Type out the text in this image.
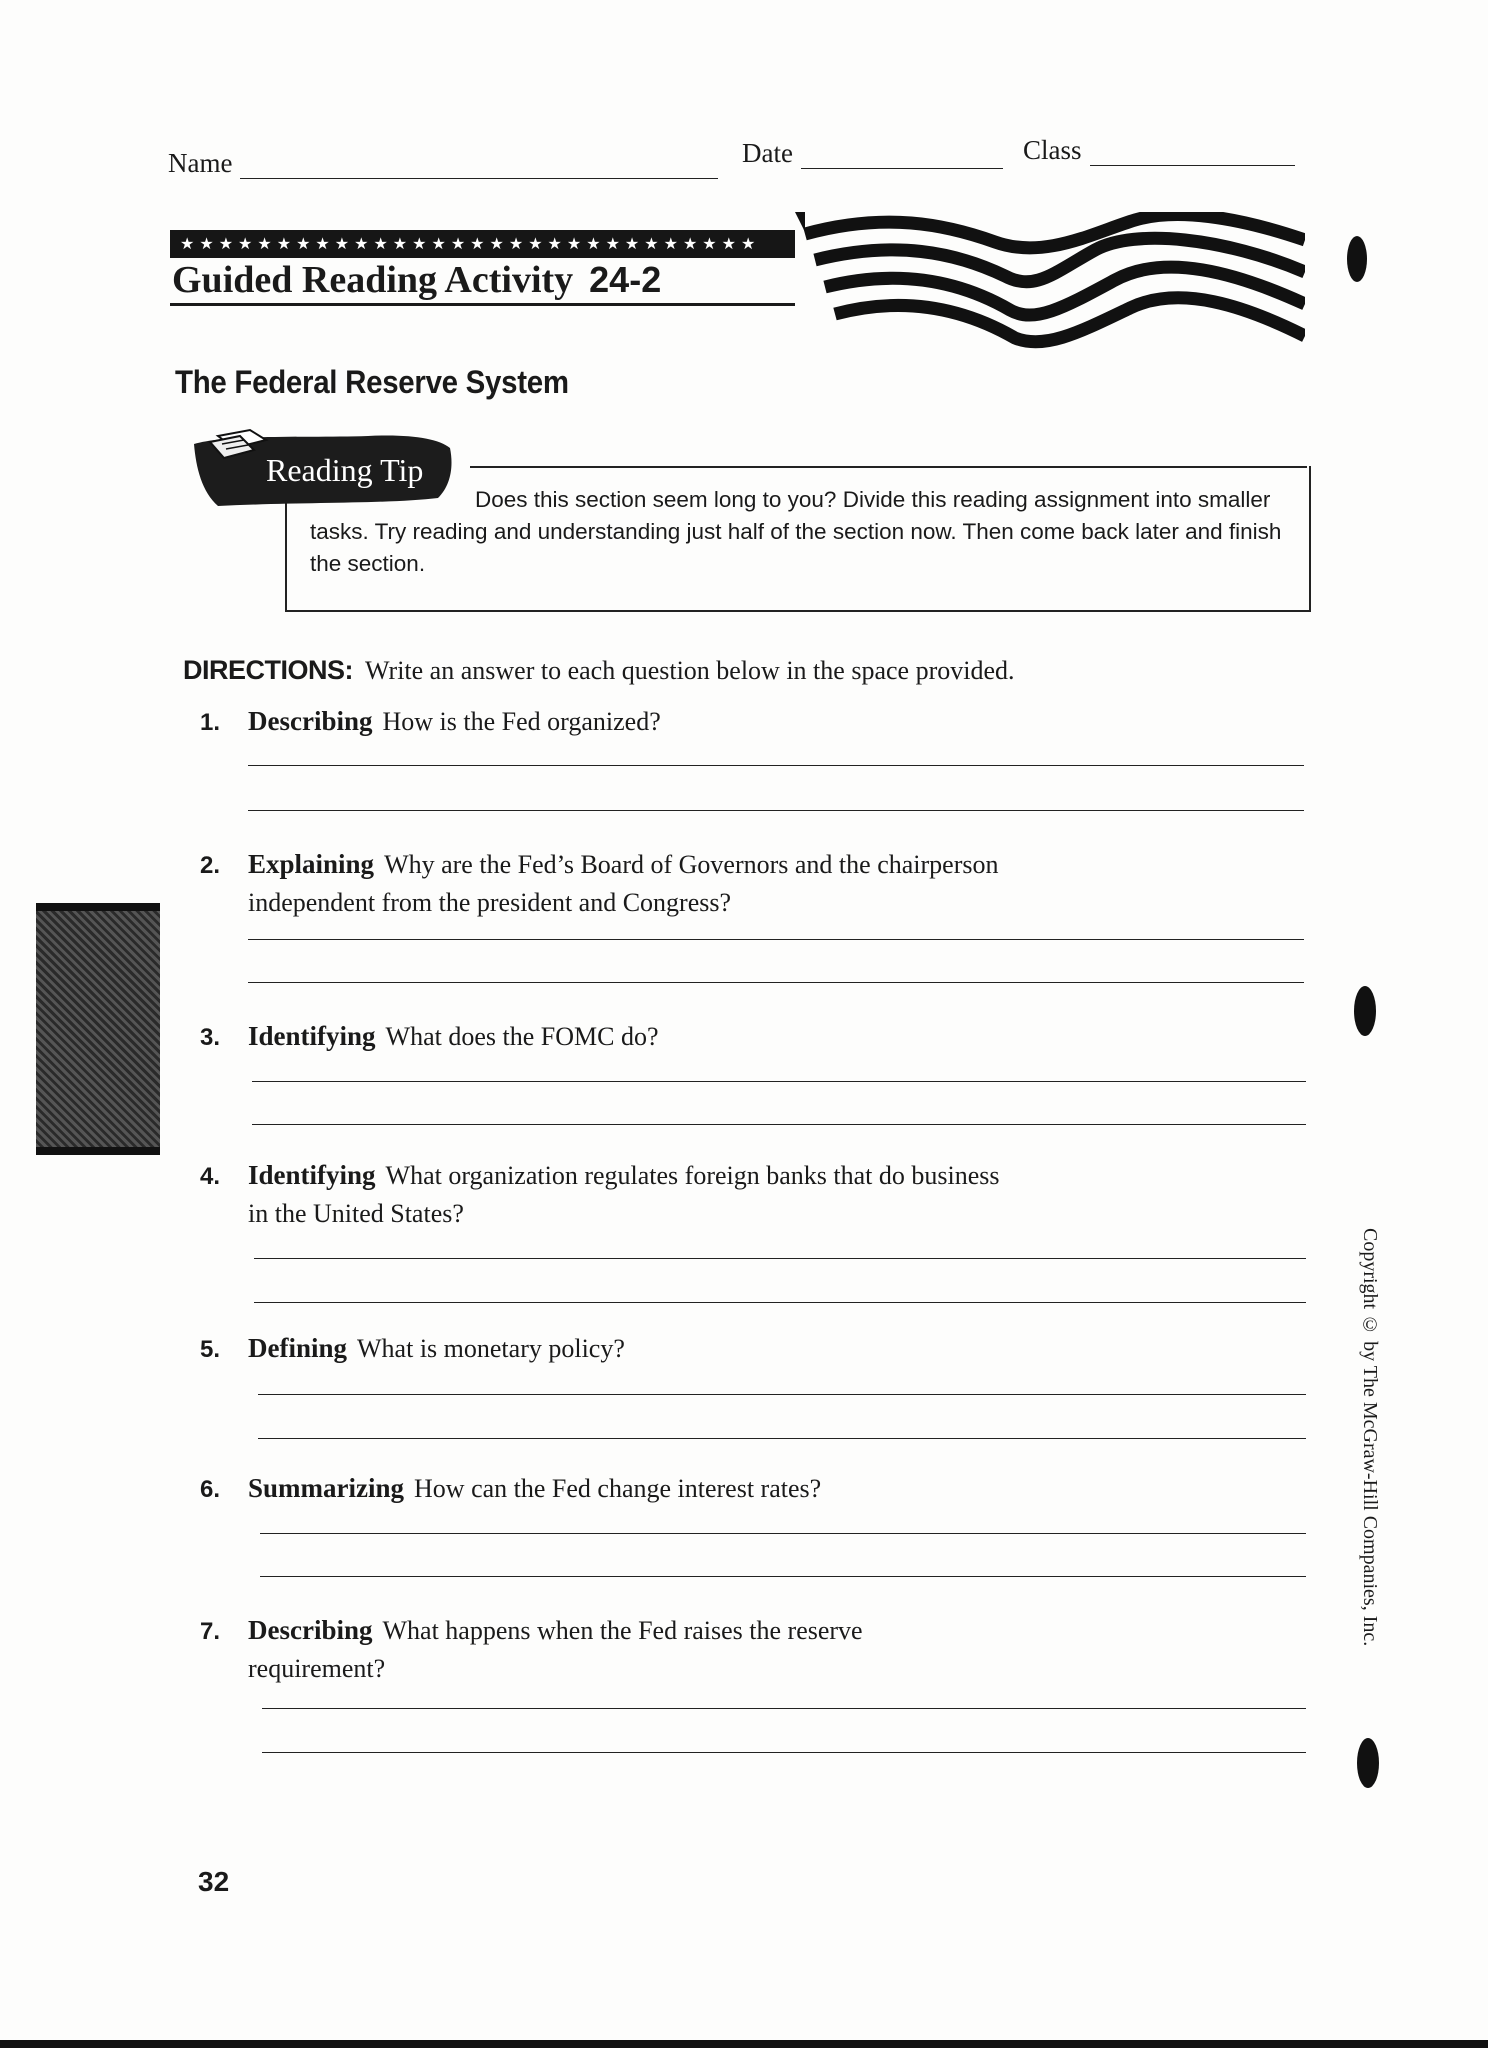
Name	Date	Class
★★★★★★★★★★★★★★★★★★★★★★★★★★★★★★
Guided Reading Activity 24-2
The Federal Reserve System
Reading Tip
Does this section seem long to you? Divide this reading assignment into smaller tasks. Try reading and understanding just half of the section now. Then come back later and finish the section.
DIRECTIONS: Write an answer to each question below in the space provided.
1. Describing How is the Fed organized?
2. Explaining Why are the Fed’s Board of Governors and the chairperson
independent from the president and Congress?
3. Identifying What does the FOMC do?
4. Identifying What organization regulates foreign banks that do business
in the United States?
5. Defining What is monetary policy?
6. Summarizing How can the Fed change interest rates?
7. Describing What happens when the Fed raises the reserve
requirement?
32
Copyright © by The McGraw-Hill Companies, Inc.
